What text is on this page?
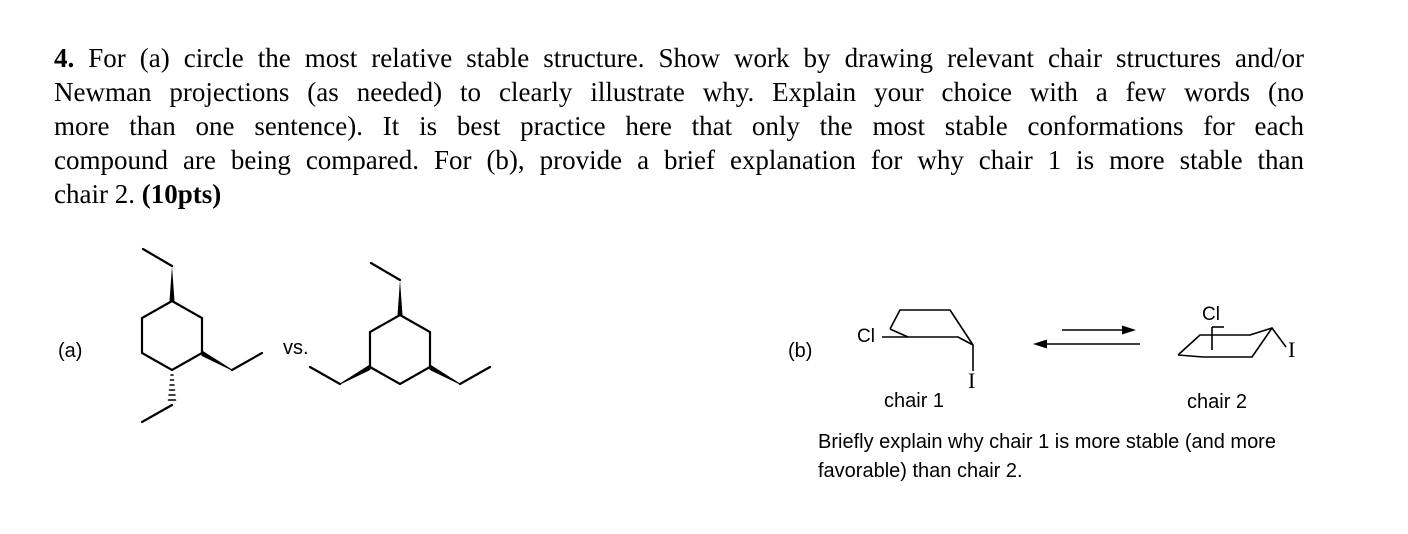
4. For (a) circle the most relative stable structure. Show work by drawing relevant chair structures and/or
Newman projections (as needed) to clearly illustrate why. Explain your choice with a few words (no
more than one sentence). It is best practice here that only the most stable conformations for each
compound are being compared. For (b), provide a brief explanation for why chair 1 is more stable than
chair 2. (10pts)
(a)	vs.	(b)
Cl
I
chair 1
Cl
I
chair 2
Briefly explain why chair 1 is more stable (and more favorable) than chair 2.
